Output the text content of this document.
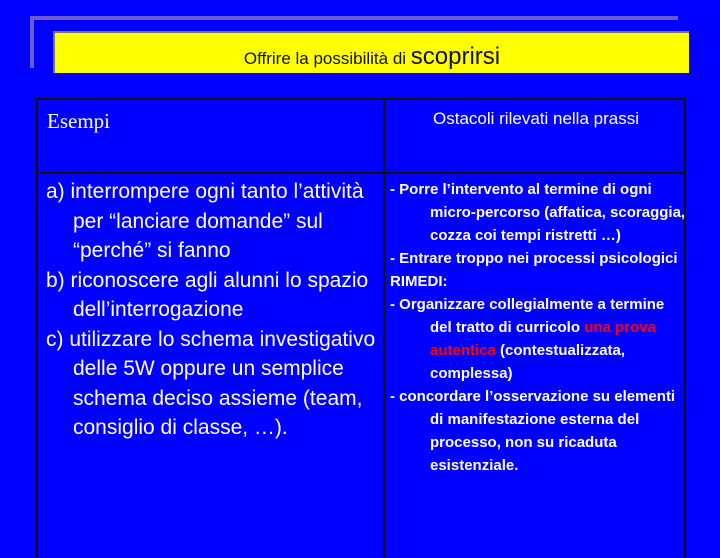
Offrire la possibilità di scoprirsi
Esempi	Ostacoli rilevati nella prassi
a) interrompere ogni tanto l’attività per “lanciare domande” sul “perché” si fanno
b) riconoscere agli alunni lo spazio dell’interrogazione
c) utilizzare lo schema investigativo delle 5W oppure un semplice schema deciso assieme (team, consiglio di classe, …).
- Porre l’intervento al termine di ogni micro-percorso (affatica, scoraggia, cozza coi tempi ristretti …)
- Entrare troppo nei processi psicologici
RIMEDI:
- Organizzare collegialmente a termine del tratto di curricolo una prova autentica (contestualizzata, complessa)
- concordare l’osservazione su elementi di manifestazione esterna del processo, non su ricaduta esistenziale.
